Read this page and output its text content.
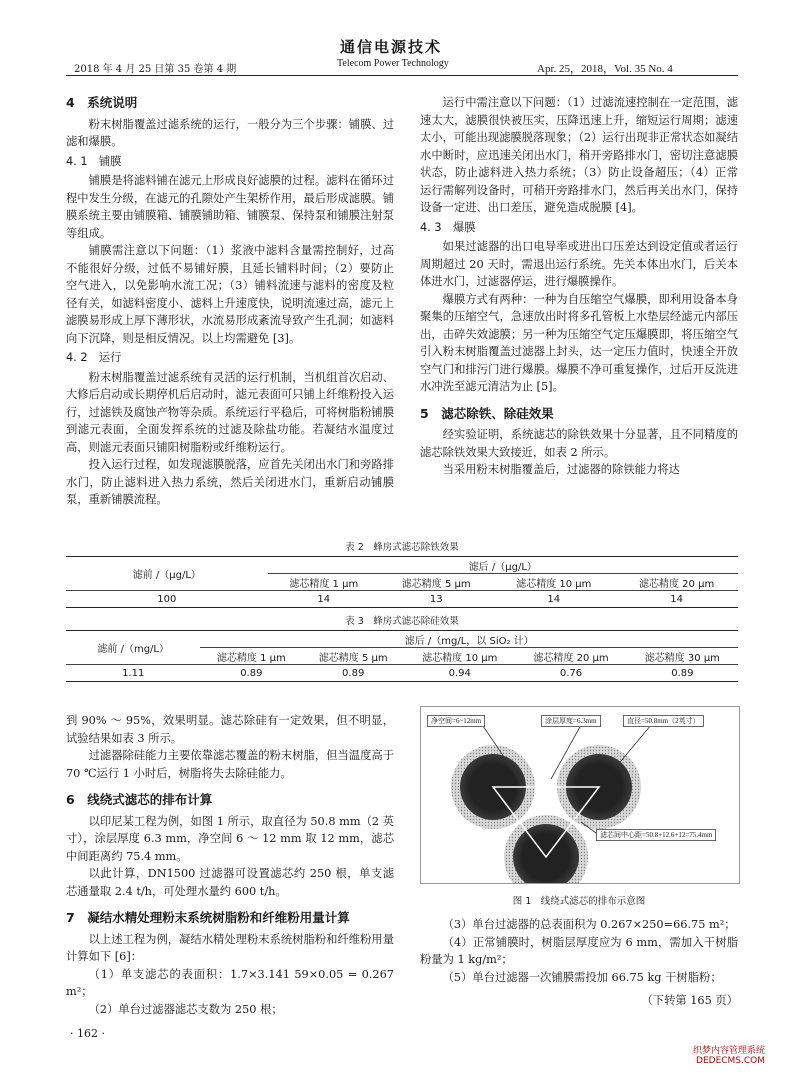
通信电源技术
Telecom Power Technology
2018 年 4 月 25 日第 35 卷第 4 期	Apr. 25，2018，Vol. 35 No. 4
4　系统说明

粉末树脂覆盖过滤系统的运行，一般分为三个步骤：铺膜、过滤和爆膜。

4. 1　铺膜

铺膜是将滤料铺在滤元上形成良好滤膜的过程。滤料在循环过程中发生分级，在滤元的孔隙处产生架桥作用，最后形成滤膜。铺膜系统主要由铺膜箱、铺膜铺助箱、铺膜泵、保持泵和铺膜注射泵等组成。

铺膜需注意以下问题：（1）浆液中滤料含量需控制好，过高不能很好分级，过低不易铺好膜，且延长铺料时间；（2）要防止空气进入，以免影响水流工况；（3）铺料流速与滤料的密度及粒径有关，如滤料密度小、滤料上升速度快，说明流速过高，滤元上滤膜易形成上厚下薄形状，水流易形成紊流导致产生孔洞；如滤料向下沉降，则是相反情况。以上均需避免 [3]。

4. 2　运行

粉末树脂覆盖过滤系统有灵活的运行机制，当机组首次启动、大修后启动或长期停机后启动时，滤元表面可只铺上纤维粉投入运行，过滤铁及腐蚀产物等杂质。系统运行平稳后，可将树脂粉铺膜到滤元表面，全面发挥系统的过滤及除盐功能。若凝结水温度过高，则滤元表面只铺阳树脂粉或纤维粉运行。

投入运行过程，如发现滤膜脱落，应首先关闭出水门和旁路排水门，防止滤料进入热力系统，然后关闭进水门，重新启动铺膜泵，重新铺膜流程。

运行中需注意以下问题：（1）过滤流速控制在一定范围，滤速太大，滤膜很快被压实，压降迅速上升，缩短运行周期；滤速太小，可能出现滤膜脱落现象；（2）运行出现非正常状态如凝结水中断时，应迅速关闭出水门，稍开旁路排水门，密切注意滤膜状态，防止滤料进入热力系统；（3）防止设备超压；（4）正常运行需解列设备时，可稍开旁路排水门，然后再关出水门，保持设备一定进、出口差压，避免造成脱膜 [4]。

4. 3　爆膜

如果过滤器的出口电导率或进出口压差达到设定值或者运行周期超过 20 天时，需退出运行系统。先关本体出水门，后关本体进水门，过滤器停运，进行爆膜操作。

爆膜方式有两种：一种为自压缩空气爆膜，即利用设备本身聚集的压缩空气，急速放出时将多孔管板上水垫层经滤元内部压出，击碎失效滤膜；另一种为压缩空气定压爆膜即，将压缩空气引入粉末树脂覆盖过滤器上封头，达一定压力值时，快速全开放空气门和排污门进行爆膜。爆膜不净可重复操作，过后开反洗进水冲洗至滤元清洁为止 [5]。

5　滤芯除铁、除硅效果

经实验证明，系统滤芯的除铁效果十分显著，且不同精度的滤芯除铁效果大致接近，如表 2 所示。

当采用粉末树脂覆盖后，过滤器的除铁能力将达

表 2　蜂房式滤芯除铁效果
滤前 /（μg/L）	滤后 /（μg/L）			
	滤芯精度 1 μm	滤芯精度 5 μm	滤芯精度 10 μm	滤芯精度 20 μm
100	14	13	14	14
表 3　蜂房式滤芯除硅效果
滤前 /（mg/L）	滤后 /（mg/L，以 SiO₂ 计）				
	滤芯精度 1 μm	滤芯精度 5 μm	滤芯精度 10 μm	滤芯精度 20 μm	滤芯精度 30 μm
1.11	0.89	0.89	0.94	0.76	0.89

到 90% ～ 95%，效果明显。滤芯除硅有一定效果，但不明显，试验结果如表 3 所示。

过滤器除硅能力主要依靠滤芯覆盖的粉末树脂，但当温度高于 70 ℃运行 1 小时后，树脂将失去除硅能力。

6　线绕式滤芯的排布计算

以印尼某工程为例，如图 1 所示，取直径为 50.8 mm（2 英寸），涂层厚度 6.3 mm，净空间 6 ～ 12 mm 取 12 mm，滤芯中间距离约 75.4 mm。

以此计算，DN1500 过滤器可设置滤芯约 250 根，单支滤芯通量取 2.4 t/h，可处理水量约 600 t/h。

7　凝结水精处理粉末系统树脂粉和纤维粉用量计算

以上述工程为例，凝结水精处理粉末系统树脂粉和纤维粉用量计算如下 [6]：

（1）单支滤芯的表面积：1.7×3.141 59×0.05 = 0.267 m²；

（2）单台过滤器滤芯支数为 250 根；

净空间=6~12mm	涂层厚度=6.3mm	直径=50.8mm（2英寸）
滤芯间中心距=50.8+12.6+12=75.4mm
图 1　线绕式滤芯的排布示意图

（3）单台过滤器的总表面积为 0.267×250=66.75 m²；

（4）正常铺膜时，树脂层厚度应为 6 mm，需加入干树脂粉量为 1 kg/m²；

（5）单台过滤器一次铺膜需投加 66.75 kg 干树脂粉；

（下转第 165 页）

· 162 ·
织梦内容管理系统
DEDECMS.COM
